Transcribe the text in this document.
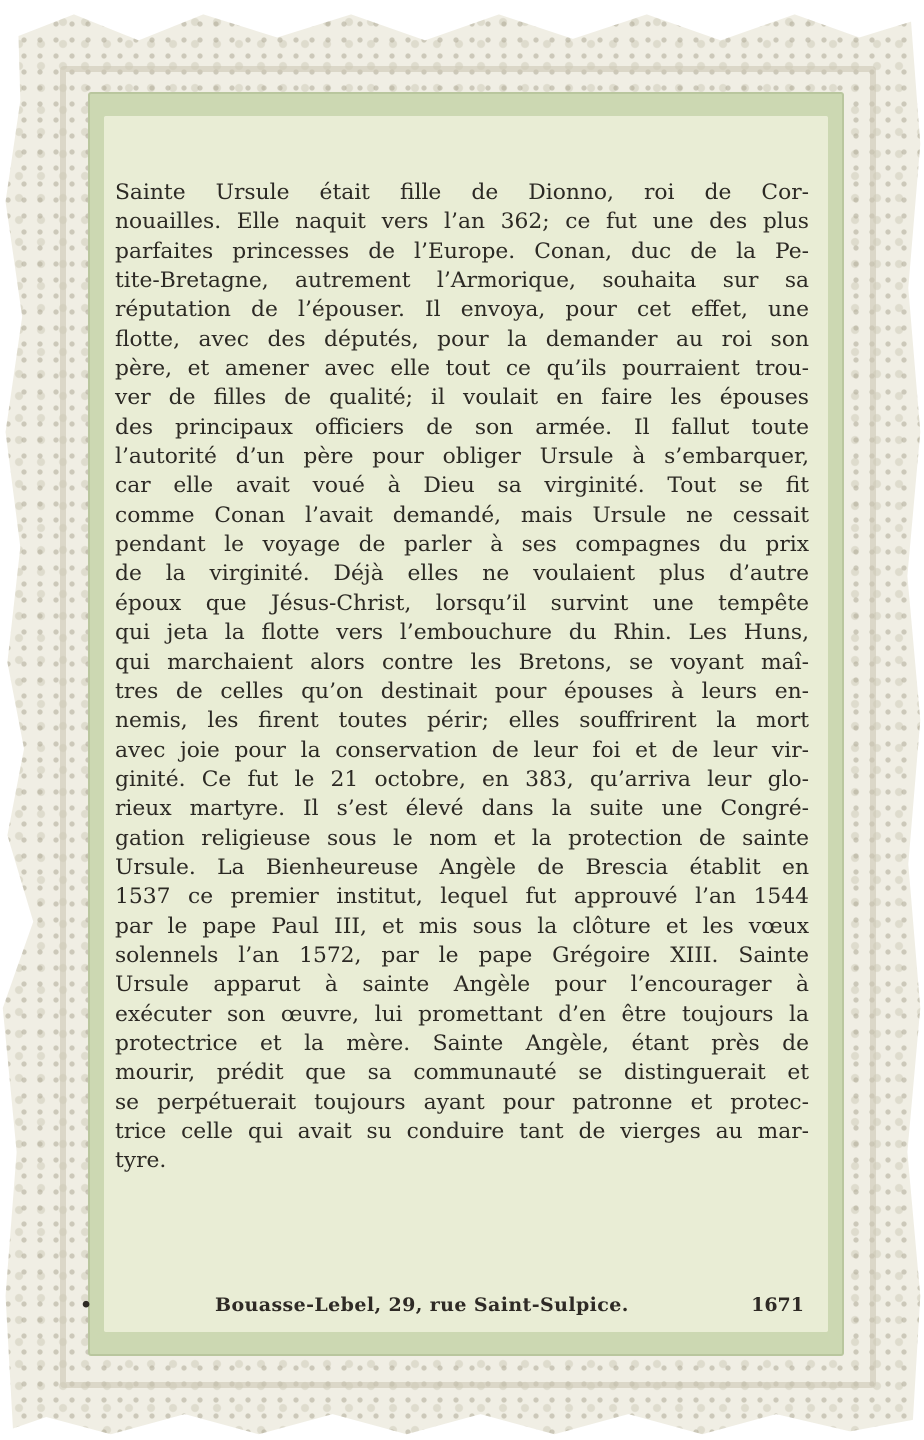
Sainte Ursule était fille de Dionno, roi de Cor-
nouailles. Elle naquit vers l’an 362; ce fut une des plus
parfaites princesses de l’Europe. Conan, duc de la Pe-
tite-Bretagne, autrement l’Armorique, souhaita sur sa
réputation de l’épouser. Il envoya, pour cet effet, une
flotte, avec des députés, pour la demander au roi son
père, et amener avec elle tout ce qu’ils pourraient trou-
ver de filles de qualité; il voulait en faire les épouses
des principaux officiers de son armée. Il fallut toute
l’autorité d’un père pour obliger Ursule à s’embarquer,
car elle avait voué à Dieu sa virginité. Tout se fit
comme Conan l’avait demandé, mais Ursule ne cessait
pendant le voyage de parler à ses compagnes du prix
de la virginité. Déjà elles ne voulaient plus d’autre
époux que Jésus-Christ, lorsqu’il survint une tempête
qui jeta la flotte vers l’embouchure du Rhin. Les Huns,
qui marchaient alors contre les Bretons, se voyant maî-
tres de celles qu’on destinait pour épouses à leurs en-
nemis, les firent toutes périr; elles souffrirent la mort
avec joie pour la conservation de leur foi et de leur vir-
ginité. Ce fut le 21 octobre, en 383, qu’arriva leur glo-
rieux martyre. Il s’est élevé dans la suite une Congré-
gation religieuse sous le nom et la protection de sainte
Ursule. La Bienheureuse Angèle de Brescia établit en
1537 ce premier institut, lequel fut approuvé l’an 1544
par le pape Paul III, et mis sous la clôture et les vœux
solennels l’an 1572, par le pape Grégoire XIII. Sainte
Ursule apparut à sainte Angèle pour l’encourager à
exécuter son œuvre, lui promettant d’en être toujours la
protectrice et la mère. Sainte Angèle, étant près de
mourir, prédit que sa communauté se distinguerait et
se perpétuerait toujours ayant pour patronne et protec-
trice celle qui avait su conduire tant de vierges au mar-
tyre.
•	Bouasse-Lebel, 29, rue Saint-Sulpice.	1671
